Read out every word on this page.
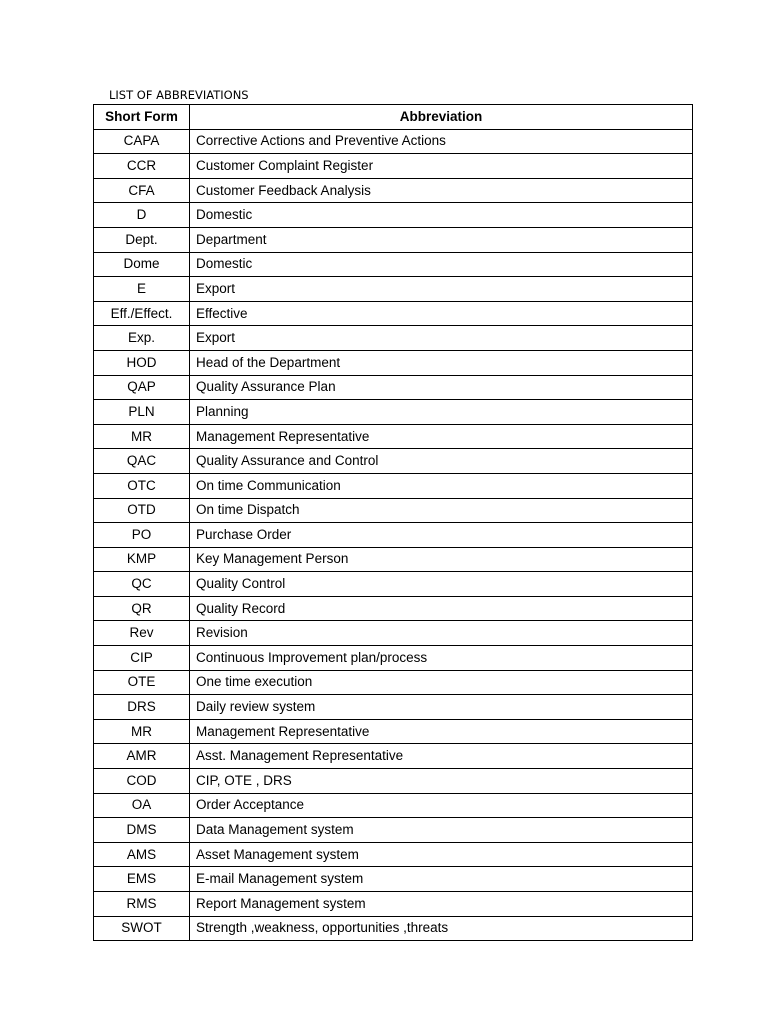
LIST OF ABBREVIATIONS
Short Form	Abbreviation
CAPA	Corrective Actions and Preventive Actions
CCR	Customer Complaint Register
CFA	Customer Feedback Analysis
D	Domestic
Dept.	Department
Dome	Domestic
E	Export
Eff./Effect.	Effective
Exp.	Export
HOD	Head of the Department
QAP	Quality Assurance Plan
PLN	Planning
MR	Management Representative
QAC	Quality Assurance and Control
OTC	On time Communication
OTD	On time Dispatch
PO	Purchase Order
KMP	Key Management Person
QC	Quality Control
QR	Quality Record
Rev	Revision
CIP	Continuous Improvement plan/process
OTE	One time execution
DRS	Daily review system
MR	Management Representative
AMR	Asst. Management Representative
COD	CIP, OTE , DRS
OA	Order Acceptance
DMS	Data Management system
AMS	Asset Management system
EMS	E-mail Management system
RMS	Report Management system
SWOT	Strength ,weakness, opportunities ,threats
